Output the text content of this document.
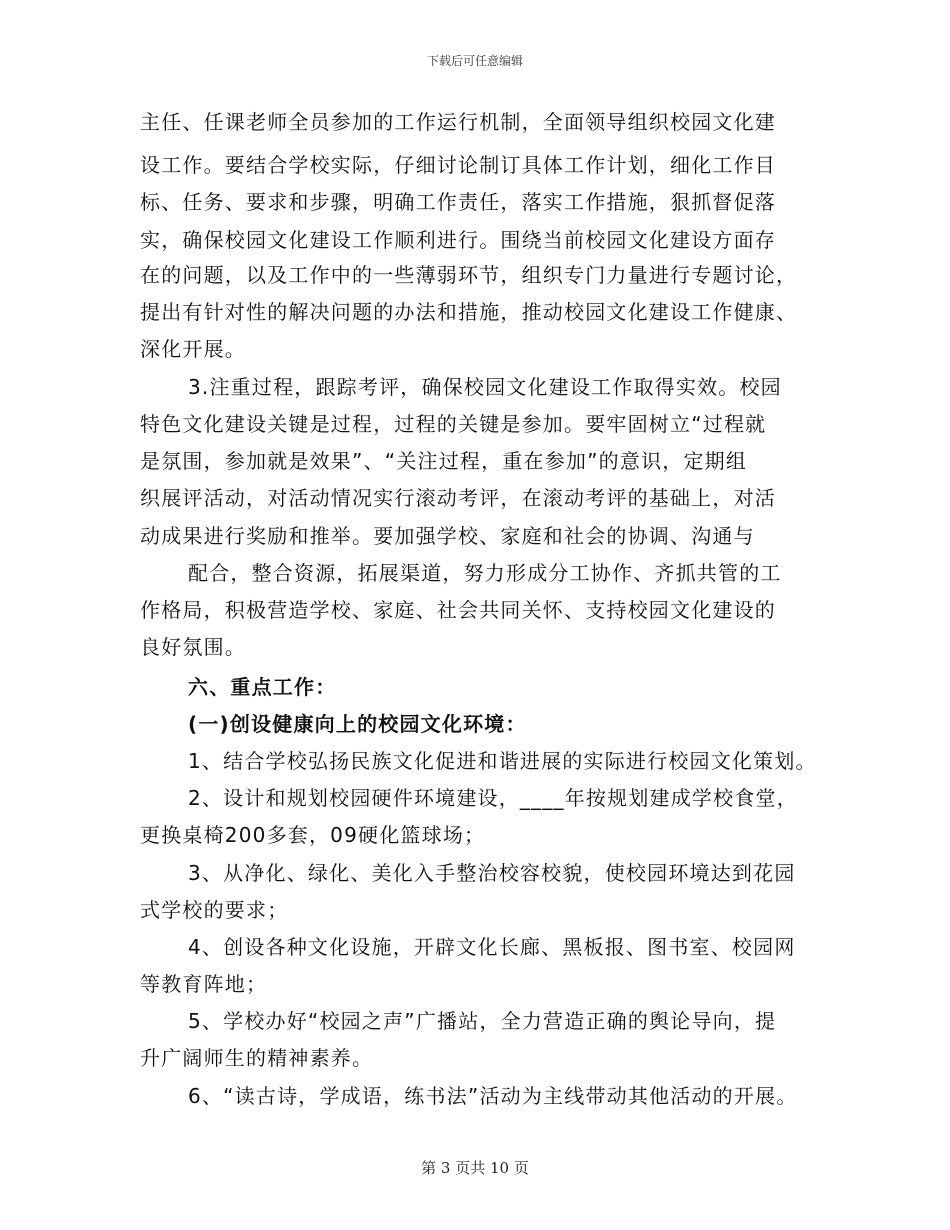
下载后可任意编辑
主任、任课老师全员参加的工作运行机制，全面领导组织校园文化建
设工作。要结合学校实际，仔细讨论制订具体工作计划，细化工作目
标、任务、要求和步骤，明确工作责任，落实工作措施，狠抓督促落
实，确保校园文化建设工作顺利进行。围绕当前校园文化建设方面存
在的问题，以及工作中的一些薄弱环节，组织专门力量进行专题讨论，
提出有针对性的解决问题的办法和措施，推动校园文化建设工作健康、
深化开展。
3.注重过程，跟踪考评，确保校园文化建设工作取得实效。校园
特色文化建设关键是过程，过程的关键是参加。要牢固树立“过程就
是氛围，参加就是效果”、“关注过程，重在参加”的意识，定期组
织展评活动，对活动情况实行滚动考评，在滚动考评的基础上，对活
动成果进行奖励和推举。要加强学校、家庭和社会的协调、沟通与
配合，整合资源，拓展渠道，努力形成分工协作、齐抓共管的工
作格局，积极营造学校、家庭、社会共同关怀、支持校园文化建设的
良好氛围。
六、重点工作：
(一)创设健康向上的校园文化环境：
1、结合学校弘扬民族文化促进和谐进展的实际进行校园文化策划。
2、设计和规划校园硬件环境建设，____年按规划建成学校食堂，
更换桌椅200多套，09硬化篮球场；
3、从净化、绿化、美化入手整治校容校貌，使校园环境达到花园
式学校的要求；
4、创设各种文化设施，开辟文化长廊、黑板报、图书室、校园网
等教育阵地；
5、学校办好“校园之声”广播站，全力营造正确的舆论导向，提
升广阔师生的精神素养。
6、“读古诗，学成语，练书法”活动为主线带动其他活动的开展。
第 3 页共 10 页
